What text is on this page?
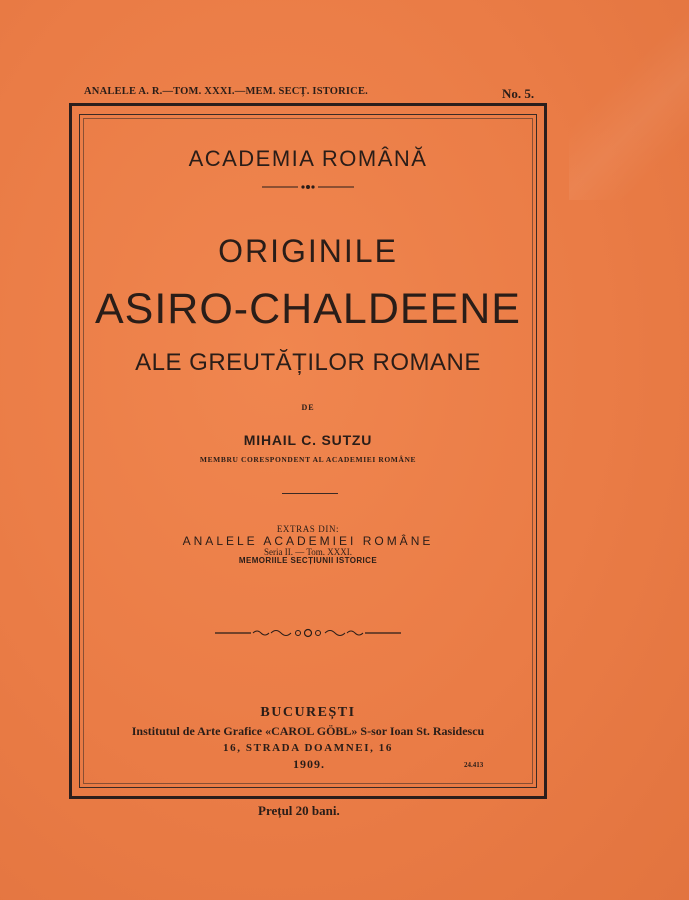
ANALELE A. R.—TOM. XXXI.—MEM. SECȚ. ISTORICE.	No. 5.
ACADEMIA ROMÂNĂ
ORIGINILE
ASIRO-CHALDEENE
ALE GREUTĂȚILOR ROMANE
DE
MIHAIL C. SUTZU
MEMBRU CORESPONDENT AL ACADEMIEI ROMÂNE
EXTRAS DIN:
ANALELE ACADEMIEI ROMÂNE
Seria II. — Tom. XXXI.
MEMORIILE SECȚIUNII ISTORICE
BUCUREȘTI
Institutul de Arte Grafice «CAROL GÖBL» S-sor Ioan St. Rasidescu
16, STRADA DOAMNEI, 16
1909.	24.413
Prețul 20 bani.
